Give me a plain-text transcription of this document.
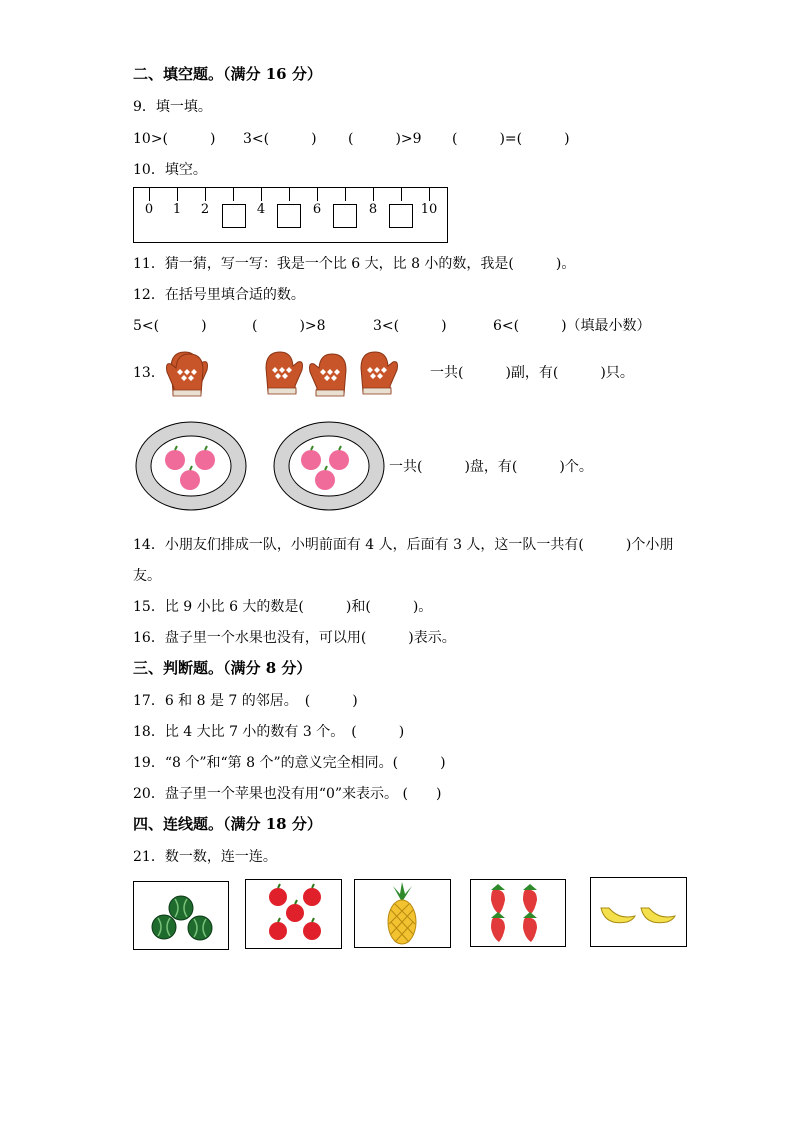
二、填空题。（满分 16 分）
9．填一填。
10>(　　　) 3<(　　　) (　　　)>9 (　　　)=(　　　)
10．填空。
0 1 2	4	6	8	10
11．猜一猜，写一写：我是一个比 6 大，比 8 小的数，我是(　　　)。
12．在括号里填合适的数。
5<(　　　)	(　　　)>8	3<(　　　)	6<(　　　)（填最小数）
13．	一共(　　　)副，有(　　　)只。
一共(　　　)盘，有(　　　)个。
14．小朋友们排成一队，小明前面有 4 人，后面有 3 人，这一队一共有(　　　)个小朋
友。
15．比 9 小比 6 大的数是(　　　)和(　　　)。
16．盘子里一个水果也没有，可以用(　　　)表示。
三、判断题。（满分 8 分）
17．6 和 8 是 7 的邻居。　(　　　)
18．比 4 大比 7 小的数有 3 个。　(　　　)
19．“8 个”和“第 8 个”的意义完全相同。(　　　)
20．盘子里一个苹果也没有用“0”来表示。 (　　)
四、连线题。（满分 18 分）
21．数一数，连一连。
